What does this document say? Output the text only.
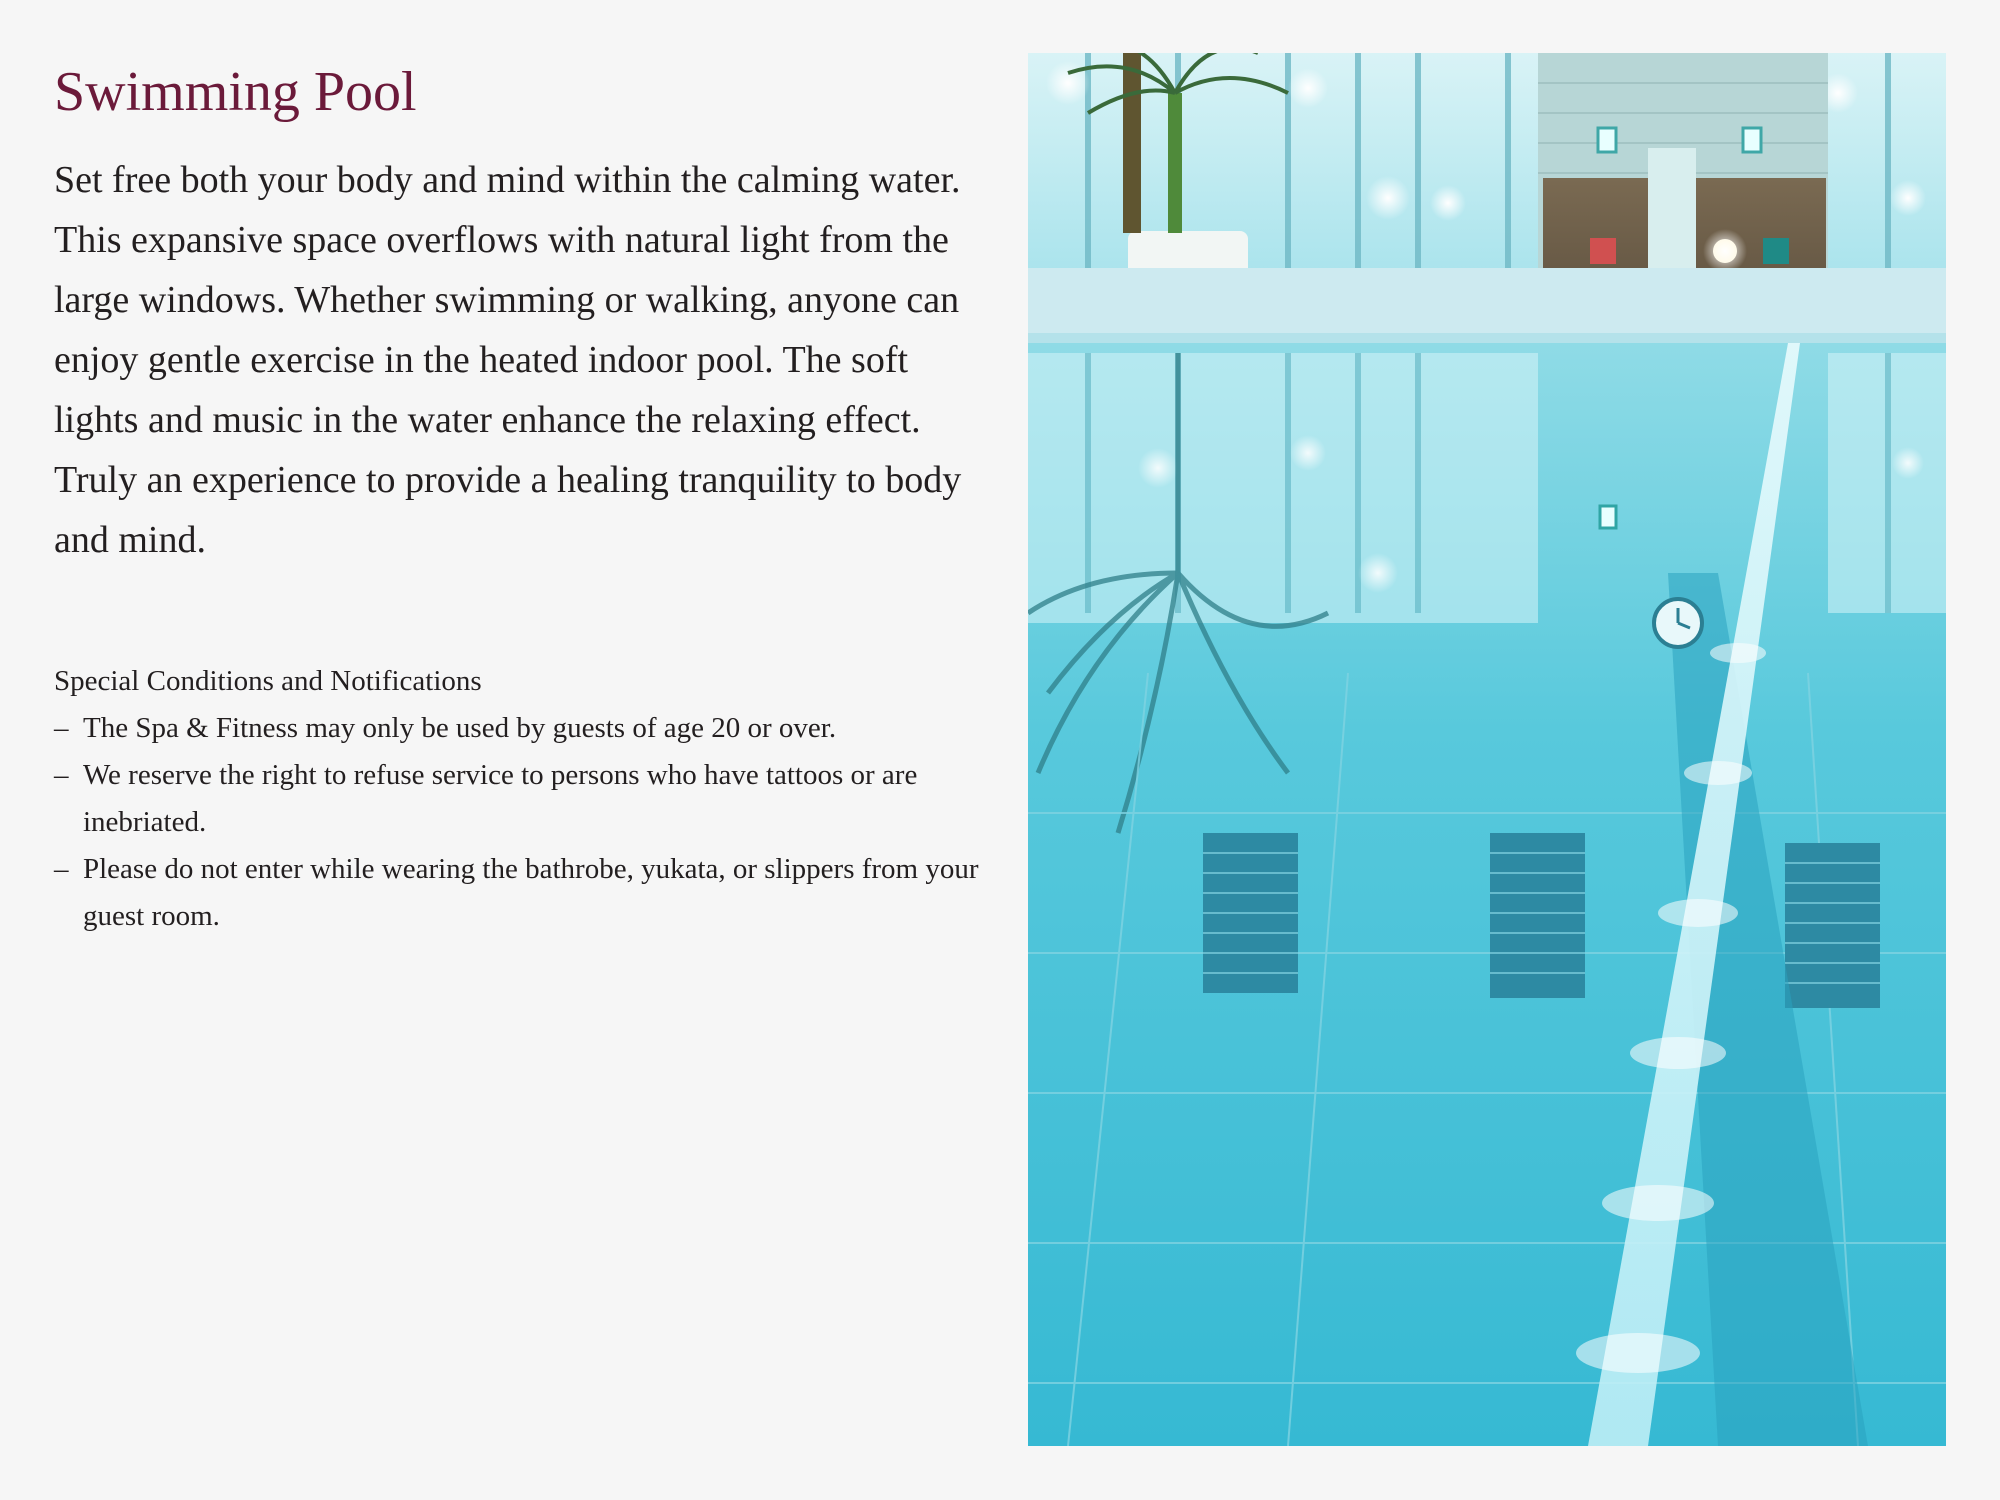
Swimming Pool

Set free both your body and mind within the calming water. This expansive space overflows with natural light from the large windows. Whether swimming or walking, anyone can enjoy gentle exercise in the heated indoor pool. The soft lights and music in the water enhance the relaxing effect. Truly an experience to provide a healing tranquility to body and mind.

Special Conditions and Notifications
– The Spa & Fitness may only be used by guests of age 20 or over.
– We reserve the right to refuse service to persons who have tattoos or are inebriated.
– Please do not enter while wearing the bathrobe, yukata, or slippers from your guest room.
